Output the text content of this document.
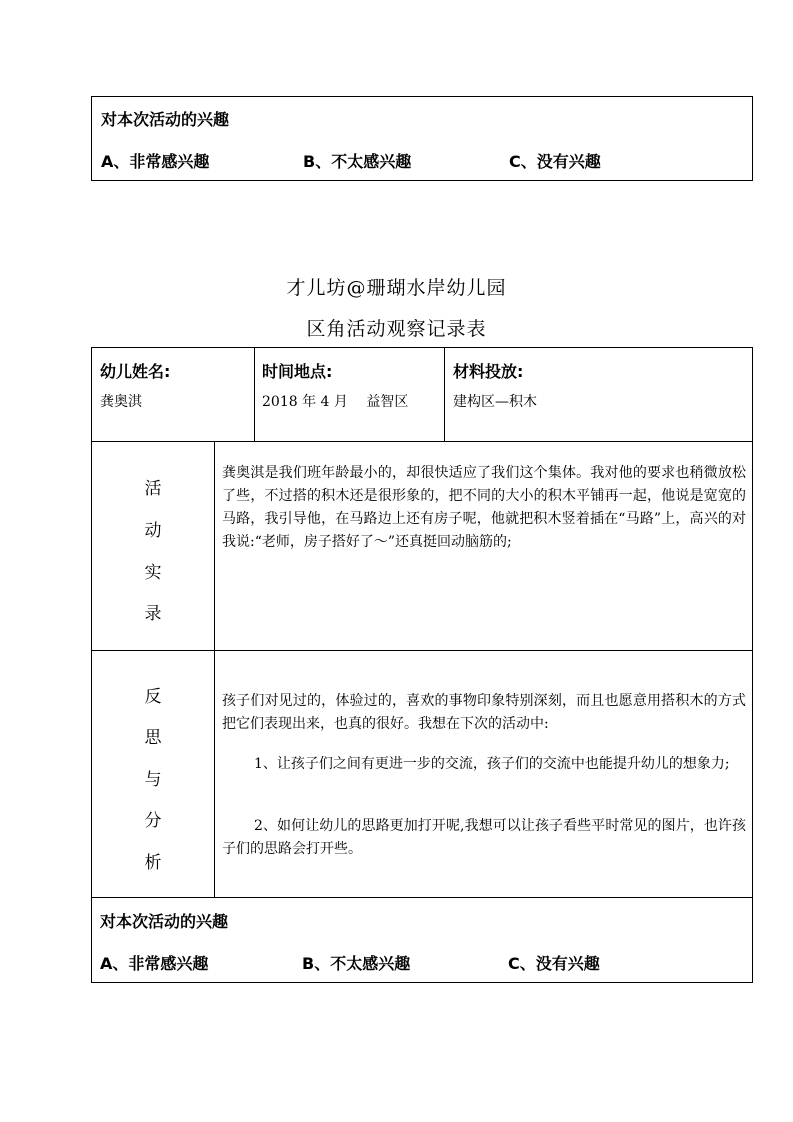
对本次活动的兴趣
A、非常感兴趣	B、不太感兴趣	C、没有兴趣
才儿坊@珊瑚水岸幼儿园
区角活动观察记录表
幼儿姓名:
龚奥淇
时间地点:
2018 年 4 月　 益智区
材料投放:
建构区—积木
活
动
实
录
龚奥淇是我们班年龄最小的，却很快适应了我们这个集体。我对他的要求也稍微放松了些，不过搭的积木还是很形象的，把不同的大小的积木平铺再一起，他说是宽宽的马路，我引导他，在马路边上还有房子呢，他就把积木竖着插在“马路”上，高兴的对我说:“老师，房子搭好了～”还真挺回动脑筋的;
反
思
与
分
析
孩子们对见过的，体验过的，喜欢的事物印象特别深刻，而且也愿意用搭积木的方式把它们表现出来，也真的很好。我想在下次的活动中:
1、让孩子们之间有更进一步的交流，孩子们的交流中也能提升幼儿的想象力;
2、如何让幼儿的思路更加打开呢,我想可以让孩子看些平时常见的图片，也许孩子们的思路会打开些。
对本次活动的兴趣
A、非常感兴趣	B、不太感兴趣	C、没有兴趣
